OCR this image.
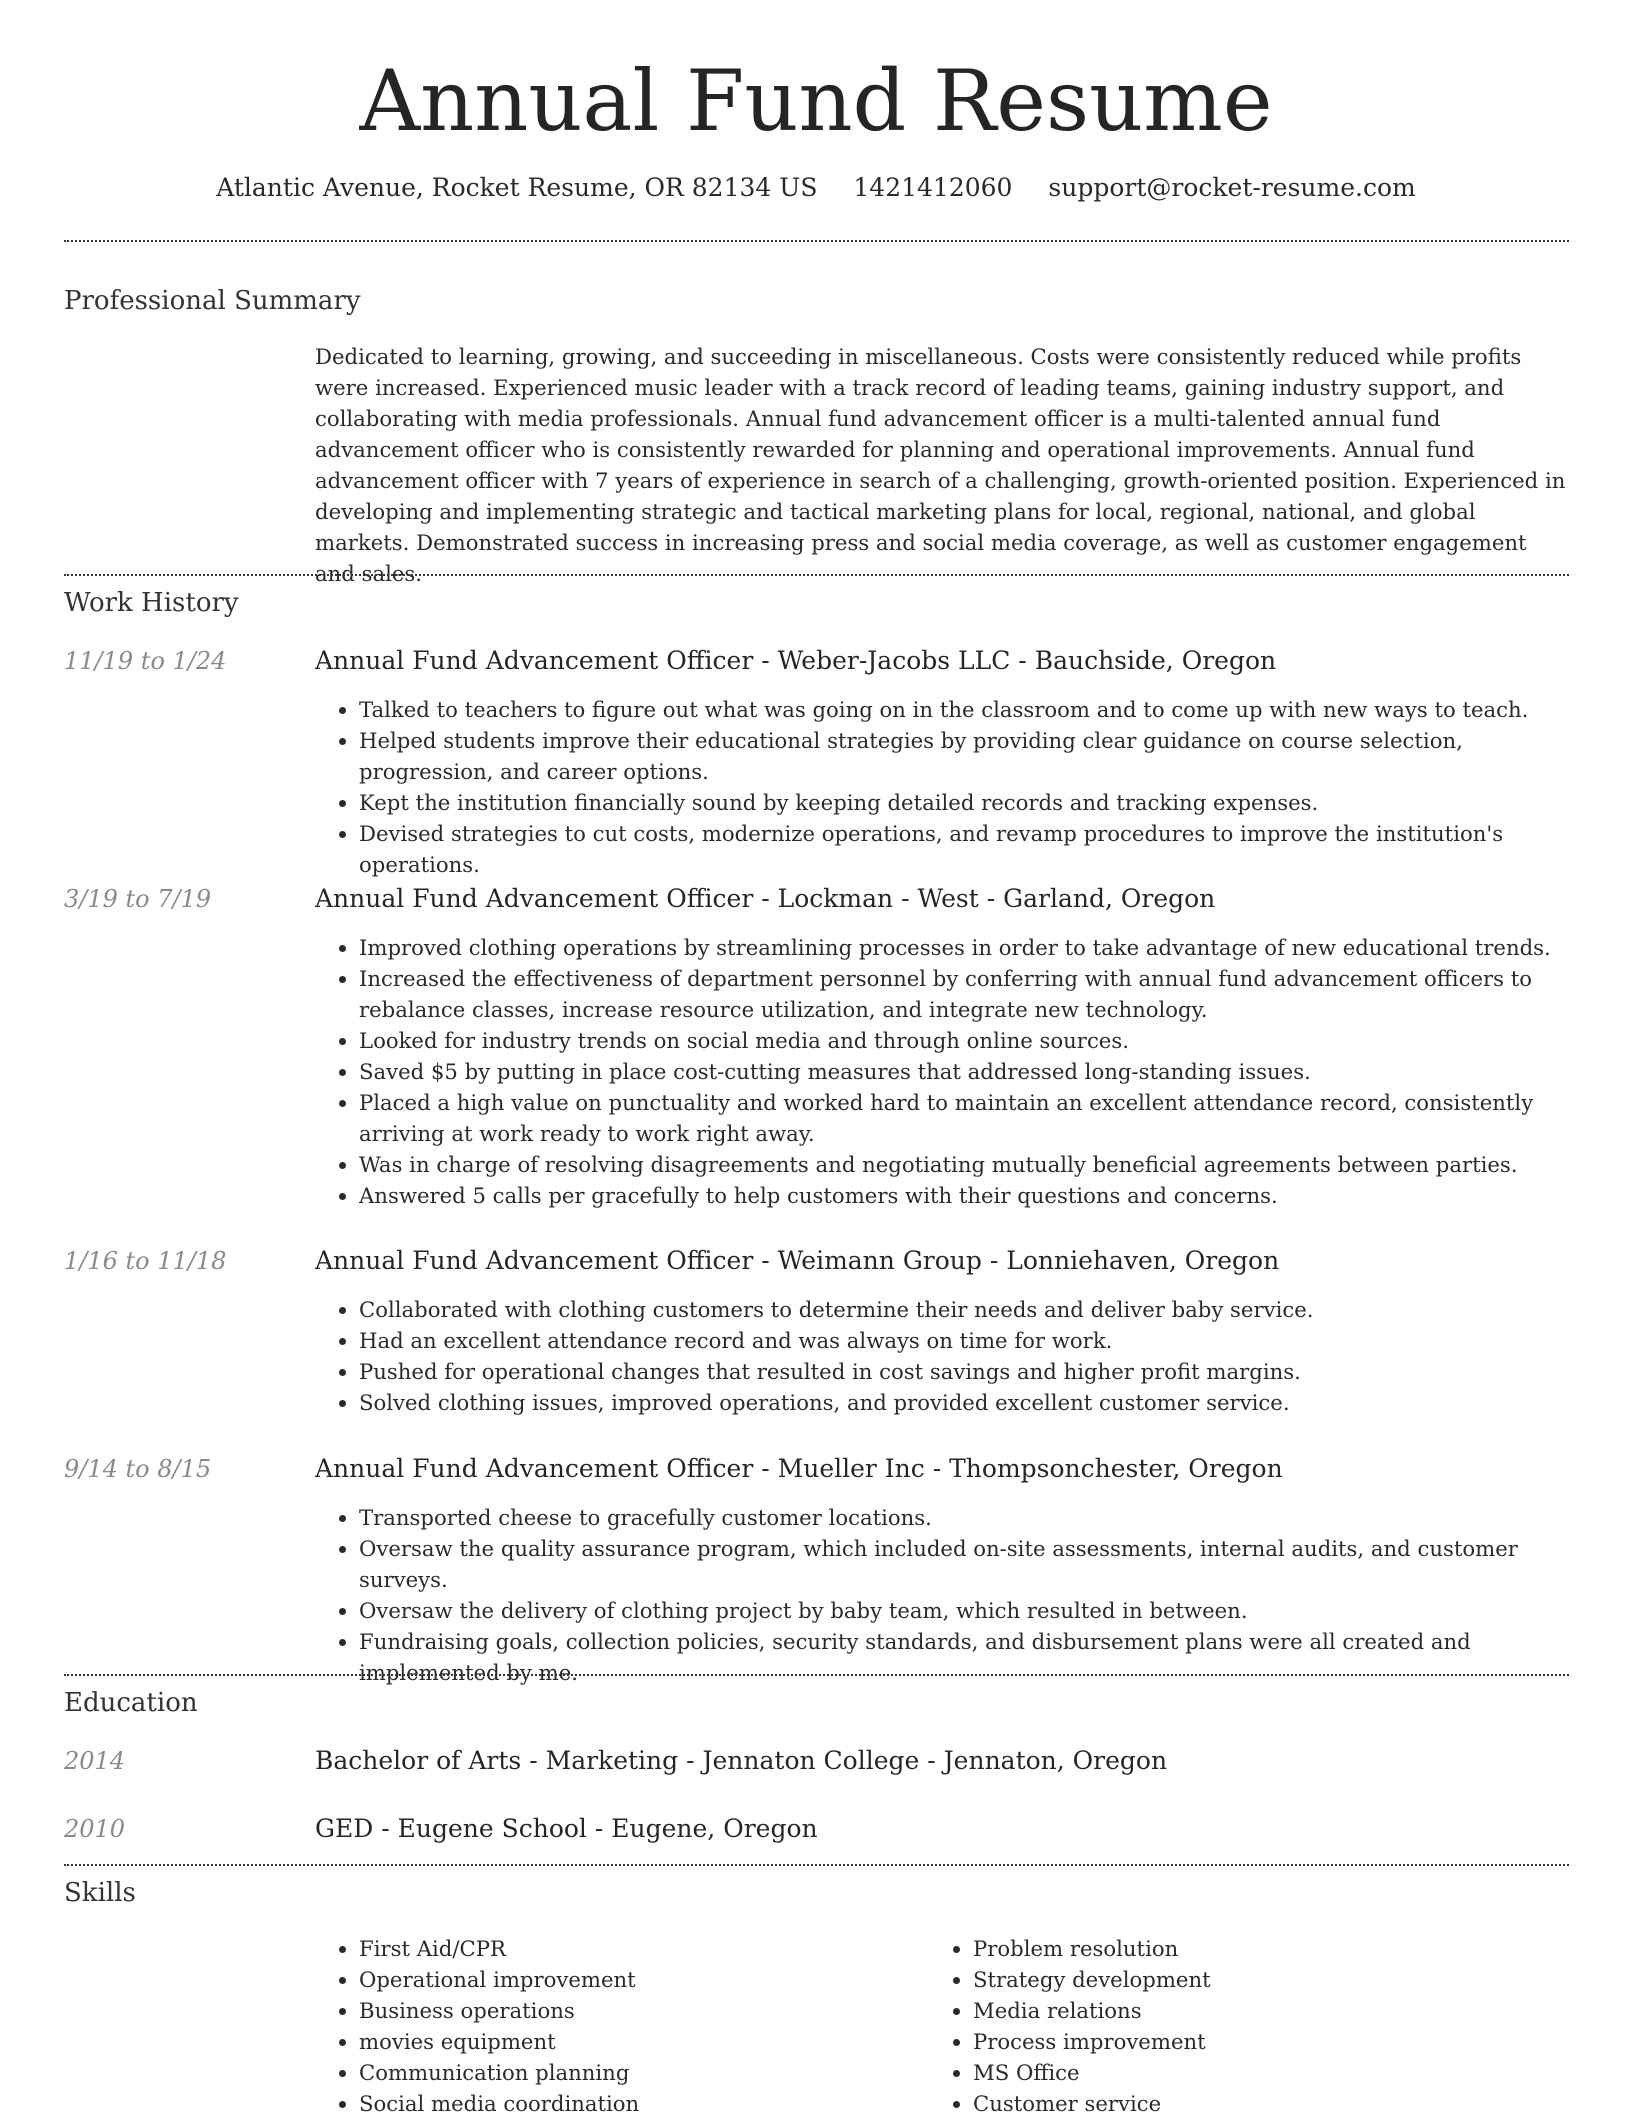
Annual Fund Resume
Atlantic Avenue, Rocket Resume, OR 82134 US 1421412060 support@rocket-resume.com
Professional Summary

Dedicated to learning, growing, and succeeding in miscellaneous. Costs were consistently reduced while profits were increased. Experienced music leader with a track record of leading teams, gaining industry support, and collaborating with media professionals. Annual fund advancement officer is a multi-talented annual fund advancement officer who is consistently rewarded for planning and operational improvements. Annual fund advancement officer with 7 years of experience in search of a challenging, growth-oriented position. Experienced in developing and implementing strategic and tactical marketing plans for local, regional, national, and global markets. Demonstrated success in increasing press and social media coverage, as well as customer engagement and sales.

Work History
11/19 to 1/24	Annual Fund Advancement Officer - Weber-Jacobs LLC - Bauchside, Oregon
• Talked to teachers to figure out what was going on in the classroom and to come up with new ways to teach.
• Helped students improve their educational strategies by providing clear guidance on course selection, progression, and career options.
• Kept the institution financially sound by keeping detailed records and tracking expenses.
• Devised strategies to cut costs, modernize operations, and revamp procedures to improve the institution's operations.
3/19 to 7/19	Annual Fund Advancement Officer - Lockman - West - Garland, Oregon
• Improved clothing operations by streamlining processes in order to take advantage of new educational trends.
• Increased the effectiveness of department personnel by conferring with annual fund advancement officers to rebalance classes, increase resource utilization, and integrate new technology.
• Looked for industry trends on social media and through online sources.
• Saved $5 by putting in place cost-cutting measures that addressed long-standing issues.
• Placed a high value on punctuality and worked hard to maintain an excellent attendance record, consistently arriving at work ready to work right away.
• Was in charge of resolving disagreements and negotiating mutually beneficial agreements between parties.
• Answered 5 calls per gracefully to help customers with their questions and concerns.
1/16 to 11/18	Annual Fund Advancement Officer - Weimann Group - Lonniehaven, Oregon
• Collaborated with clothing customers to determine their needs and deliver baby service.
• Had an excellent attendance record and was always on time for work.
• Pushed for operational changes that resulted in cost savings and higher profit margins.
• Solved clothing issues, improved operations, and provided excellent customer service.
9/14 to 8/15	Annual Fund Advancement Officer - Mueller Inc - Thompsonchester, Oregon
• Transported cheese to gracefully customer locations.
• Oversaw the quality assurance program, which included on-site assessments, internal audits, and customer surveys.
• Oversaw the delivery of clothing project by baby team, which resulted in between.
• Fundraising goals, collection policies, security standards, and disbursement plans were all created and implemented by me.
Education
2014	Bachelor of Arts - Marketing - Jennaton College - Jennaton, Oregon
2010	GED - Eugene School - Eugene, Oregon
Skills
• First Aid/CPR
• Operational improvement
• Business operations
• movies equipment
• Communication planning
• Social media coordination
• Problem resolution
• Strategy development
• Media relations
• Process improvement
• MS Office
• Customer service
